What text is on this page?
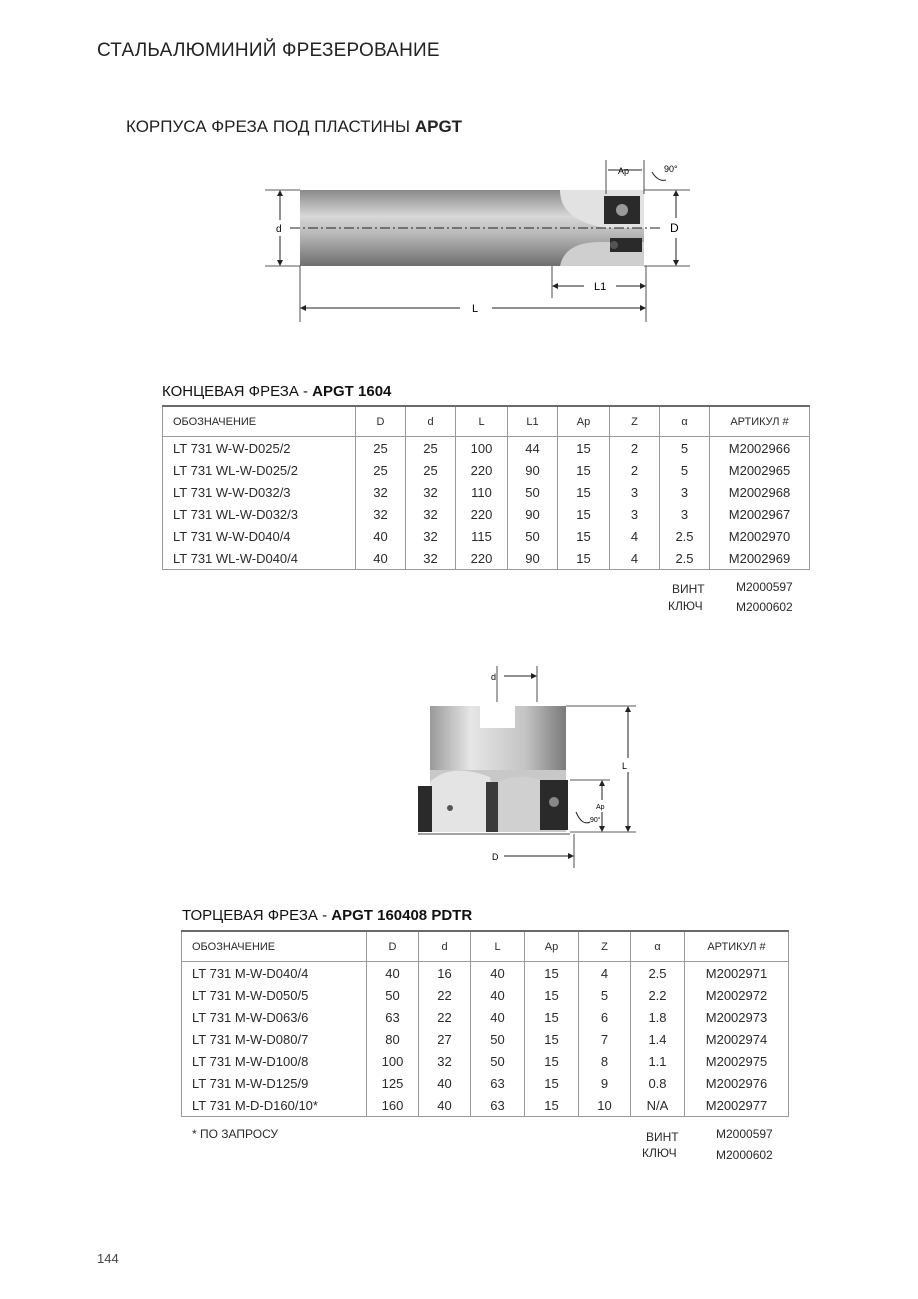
СТАЛЬАЛЮМИНИЙ ФРЕЗЕРОВАНИЕ
КОРПУСА ФРЕЗА ПОД ПЛАСТИНЫ APGT
d	D
Ap	90°
L1
L
КОНЦЕВАЯ ФРЕЗА - APGT 1604
ОБОЗНАЧЕНИЕ	D	d	L	L1	Ap	Z	α	АРТИКУЛ #
LT 731 W-W-D025/2	25	25	100	44	15	2	5	M2002966
LT 731 WL-W-D025/2	25	25	220	90	15	2	5	M2002965
LT 731 W-W-D032/3	32	32	110	50	15	3	3	M2002968
LT 731 WL-W-D032/3	32	32	220	90	15	3	3	M2002967
LT 731 W-W-D040/4	40	32	115	50	15	4	2.5	M2002970
LT 731 WL-W-D040/4	40	32	220	90	15	4	2.5	M2002969
ВИНТ	M2000597
КЛЮЧ	M2000602
d
L
Ap
90°
D
ТОРЦЕВАЯ ФРЕЗА - APGT 160408 PDTR
ОБОЗНАЧЕНИЕ	D	d	L	Ap	Z	α	АРТИКУЛ #
LT 731 M-W-D040/4	40	16	40	15	4	2.5	M2002971
LT 731 M-W-D050/5	50	22	40	15	5	2.2	M2002972
LT 731 M-W-D063/6	63	22	40	15	6	1.8	M2002973
LT 731 M-W-D080/7	80	27	50	15	7	1.4	M2002974
LT 731 M-W-D100/8	100	32	50	15	8	1.1	M2002975
LT 731 M-W-D125/9	125	40	63	15	9	0.8	M2002976
LT 731 M-D-D160/10*	160	40	63	15	10	N/A	M2002977
* ПО ЗАПРОСУ	ВИНТ	M2000597
КЛЮЧ	M2000602
144
